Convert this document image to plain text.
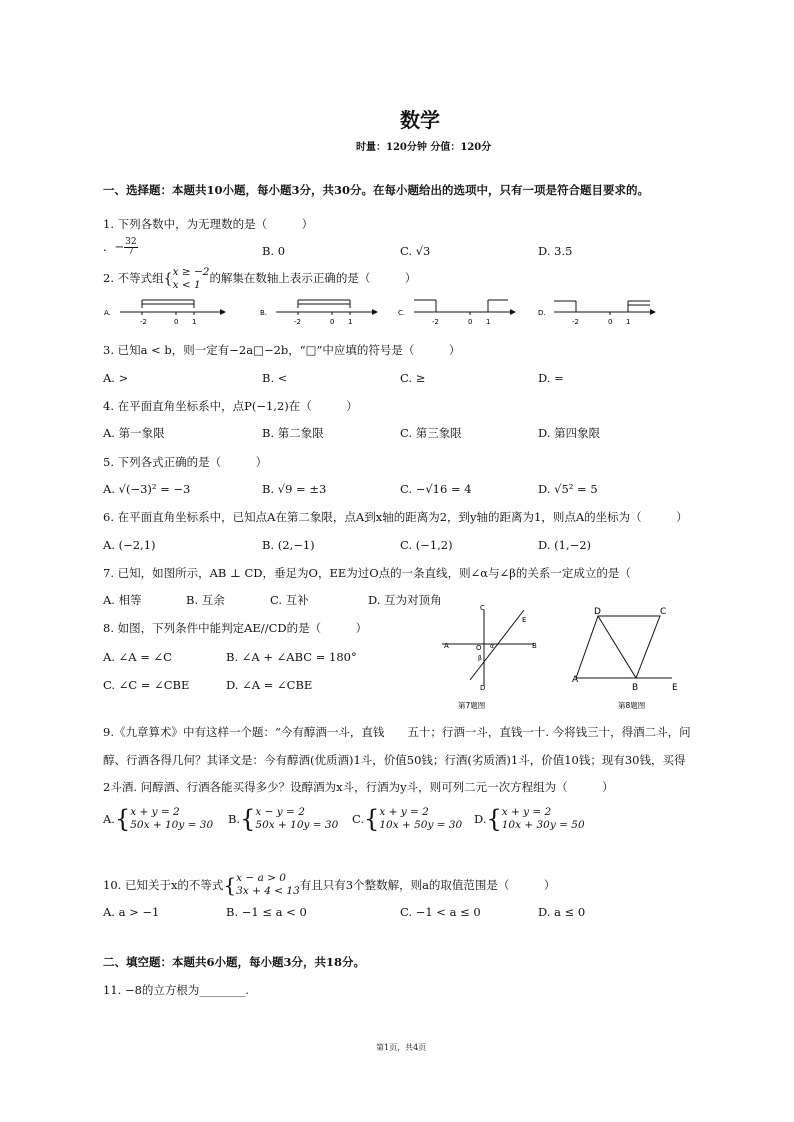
数学
时量：120分钟 分值：120分
一、选择题：本题共10小题，每小题3分，共30分。在每小题给出的选项中，只有一项是符合题目要求的。
1. 下列各数中，为无理数的是（　　　）
．− $\frac{32}{7}$	B. 0	C. √3	D. 3.5
2. 不等式组{ x ≥ −2
x < 1 的解集在数轴上表示正确的是（　　　）
A.
-2	0 1
B.
-2	0 1
C.
-2	0 1
D.
-2	0 1
3. 已知a < b，则一定有−2a□−2b，“□”中应填的符号是（　　　）
A. >	B. <	C. ≥	D. =
4. 在平面直角坐标系中，点P(−1,2)在（　　　）
A. 第一象限	B. 第二象限	C. 第三象限	D. 第四象限
5. 下列各式正确的是（　　　）
A. √(−3)² = −3	B. √9 = ±3	C. −√16 = 4	D. √5² = 5
6. 在平面直角坐标系中，已知点A在第二象限，点A到x轴的距离为2，到y轴的距离为1，则点A的坐标为（　　　）
A. (−2,1)	B. (2,−1)	C. (−1,2)	D. (1,−2)
7. 已知，如图所示，AB ⊥ CD，垂足为O，EE为过O点的一条直线，则∠α与∠β的关系一定成立的是（
A. 相等	B. 互余	C. 互补	D. 互为对顶角
8. 如图，下列条件中能判定AE//CD的是（　　　）
A. ∠A = ∠C	B. ∠A + ∠ABC = 180°
C. ∠C = ∠CBE	D. ∠A = ∠CBE
C
E
A	O	B
α
β
D
第7题图
D	C
A
B	E
第8题图
9.《九章算术》中有这样一个题：“今有醇酒一斗，直钱　　五十；行酒一斗，直钱一十. 今将钱三十，得酒二斗，问
醇、行酒各得几何？其译文是：今有醇酒(优质酒)1斗，价值50钱；行酒(劣质酒)1斗，价值10钱；现有30钱，买得
2斗酒. 问醇酒、行酒各能买得多少？设醇酒为x斗，行酒为y斗，则可列二元一次方程组为（　　　）
A.{ x + y = 2
50x + 10y = 30 B.{ x − y = 2
50x + 10y = 30 C.{ x + y = 2
10x + 50y = 30 D.{ x + y = 2
10x + 30y = 50
10. 已知关于x的不等式{ x − a > 0
3x + 4 < 13 有且只有3个整数解，则a的取值范围是（　　　）
A. a > −1	B. −1 ≤ a < 0	C. −1 < a ≤ 0	D. a ≤ 0
二、填空题：本题共6小题，每小题3分，共18分。
11. −8的立方根为________.
第1页，共4页
